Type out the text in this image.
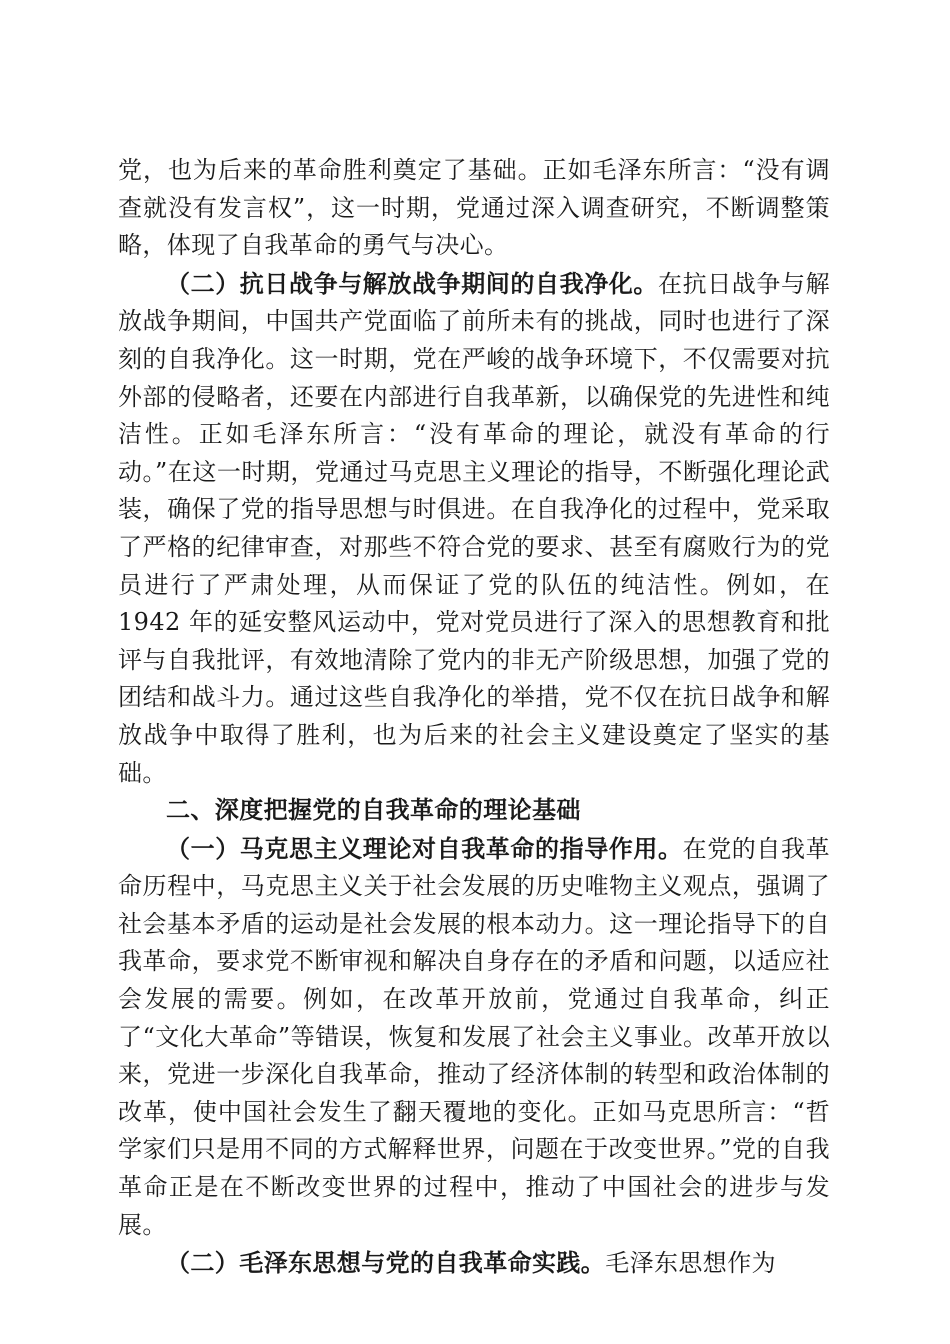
党，也为后来的革命胜利奠定了基础。正如毛泽东所言：“没有调查就没有发言权”，这一时期，党通过深入调查研究，不断调整策略，体现了自我革命的勇气与决心。

（二）抗日战争与解放战争期间的自我净化。在抗日战争与解放战争期间，中国共产党面临了前所未有的挑战，同时也进行了深刻的自我净化。这一时期，党在严峻的战争环境下，不仅需要对抗外部的侵略者，还要在内部进行自我革新，以确保党的先进性和纯洁性。正如毛泽东所言：“没有革命的理论，就没有革命的行动。”在这一时期，党通过马克思主义理论的指导，不断强化理论武装，确保了党的指导思想与时俱进。在自我净化的过程中，党采取了严格的纪律审查，对那些不符合党的要求、甚至有腐败行为的党员进行了严肃处理，从而保证了党的队伍的纯洁性。例如，在 1942 年的延安整风运动中，党对党员进行了深入的思想教育和批评与自我批评，有效地清除了党内的非无产阶级思想，加强了党的团结和战斗力。通过这些自我净化的举措，党不仅在抗日战争和解放战争中取得了胜利，也为后来的社会主义建设奠定了坚实的基础。

二、深度把握党的自我革命的理论基础

（一）马克思主义理论对自我革命的指导作用。在党的自我革命历程中，马克思主义关于社会发展的历史唯物主义观点，强调了社会基本矛盾的运动是社会发展的根本动力。这一理论指导下的自我革命，要求党不断审视和解决自身存在的矛盾和问题，以适应社会发展的需要。例如，在改革开放前，党通过自我革命，纠正了“文化大革命”等错误，恢复和发展了社会主义事业。改革开放以来，党进一步深化自我革命，推动了经济体制的转型和政治体制的改革，使中国社会发生了翻天覆地的变化。正如马克思所言：“哲学家们只是用不同的方式解释世界，问题在于改变世界。”党的自我革命正是在不断改变世界的过程中，推动了中国社会的进步与发展。

（二）毛泽东思想与党的自我革命实践。毛泽东思想作为
